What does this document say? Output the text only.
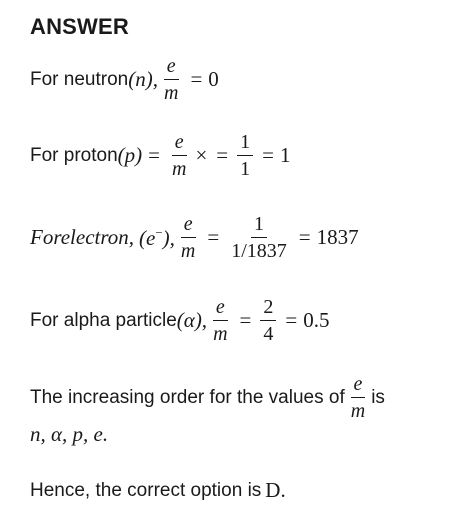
ANSWER
For neutron (n), $\frac{e}{m} = 0$
For proton $(p) = \frac{e}{m}$ × = $\frac{1}{1} = 1$
Forelectron, (e−), $\frac{e}{m} = \frac{1}{1/1837} = 1837$
For alpha particle (α), $\frac{e}{m} = \frac{2}{4} = 0.5$
The increasing order for the values of $\frac{e}{m}$ is
n, α, p, e.
Hence, the correct option is D.
